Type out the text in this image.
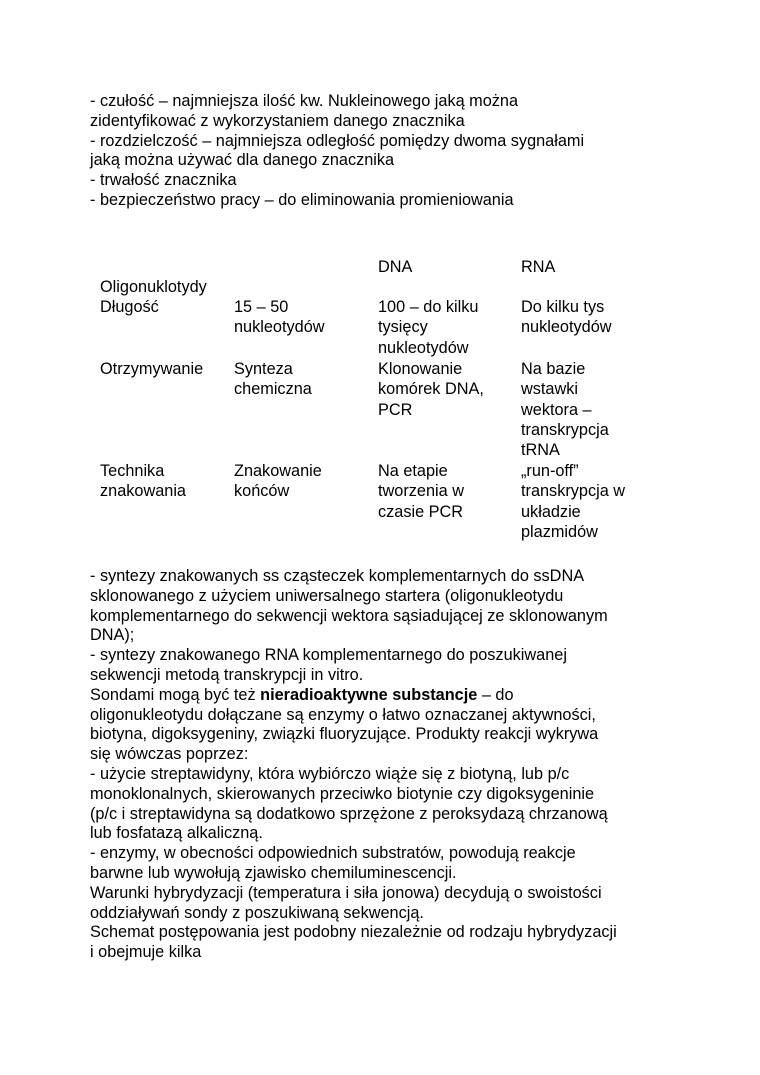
- czułość – najmniejsza ilość kw. Nukleinowego jaką można
zidentyfikować z wykorzystaniem danego znacznika
- rozdzielczość – najmniejsza odległość pomiędzy dwoma sygnałami
jaką można używać dla danego znacznika
- trwałość znacznika
- bezpieczeństwo pracy – do eliminowania promieniowania
DNA	RNA
Oligonuklotydy
Długość	15 – 50
nukleotydów
100 – do kilku
tysięcy
nukleotydów
Do kilku tys
nukleotydów
Otrzymywanie Synteza
chemiczna
Klonowanie
komórek DNA,
PCR
Na bazie
wstawki
wektora –
transkrypcja
tRNA
Technika
znakowania
Znakowanie
końców
Na etapie
tworzenia w
czasie PCR
„run-off”
transkrypcja w
układzie
plazmidów
- syntezy znakowanych ss cząsteczek komplementarnych do ssDNA
sklonowanego z użyciem uniwersalnego startera (oligonukleotydu
komplementarnego do sekwencji wektora sąsiadującej ze sklonowanym
DNA);
- syntezy znakowanego RNA komplementarnego do poszukiwanej
sekwencji metodą transkrypcji in vitro.
Sondami mogą być też nieradioaktywne substancje – do
oligonukleotydu dołączane są enzymy o łatwo oznaczanej aktywności,
biotyna, digoksygeniny, związki fluoryzujące. Produkty reakcji wykrywa
się wówczas poprzez:
- użycie streptawidyny, która wybiórczo wiąże się z biotyną, lub p/c
monoklonalnych, skierowanych przeciwko biotynie czy digoksygeninie
(p/c i streptawidyna są dodatkowo sprzężone z peroksydazą chrzanową
lub fosfatazą alkaliczną.
- enzymy, w obecności odpowiednich substratów, powodują reakcje
barwne lub wywołują zjawisko chemiluminescencji.
Warunki hybrydyzacji (temperatura i siła jonowa) decydują o swoistości
oddziaływań sondy z poszukiwaną sekwencją.
Schemat postępowania jest podobny niezależnie od rodzaju hybrydyzacji
i obejmuje kilka
